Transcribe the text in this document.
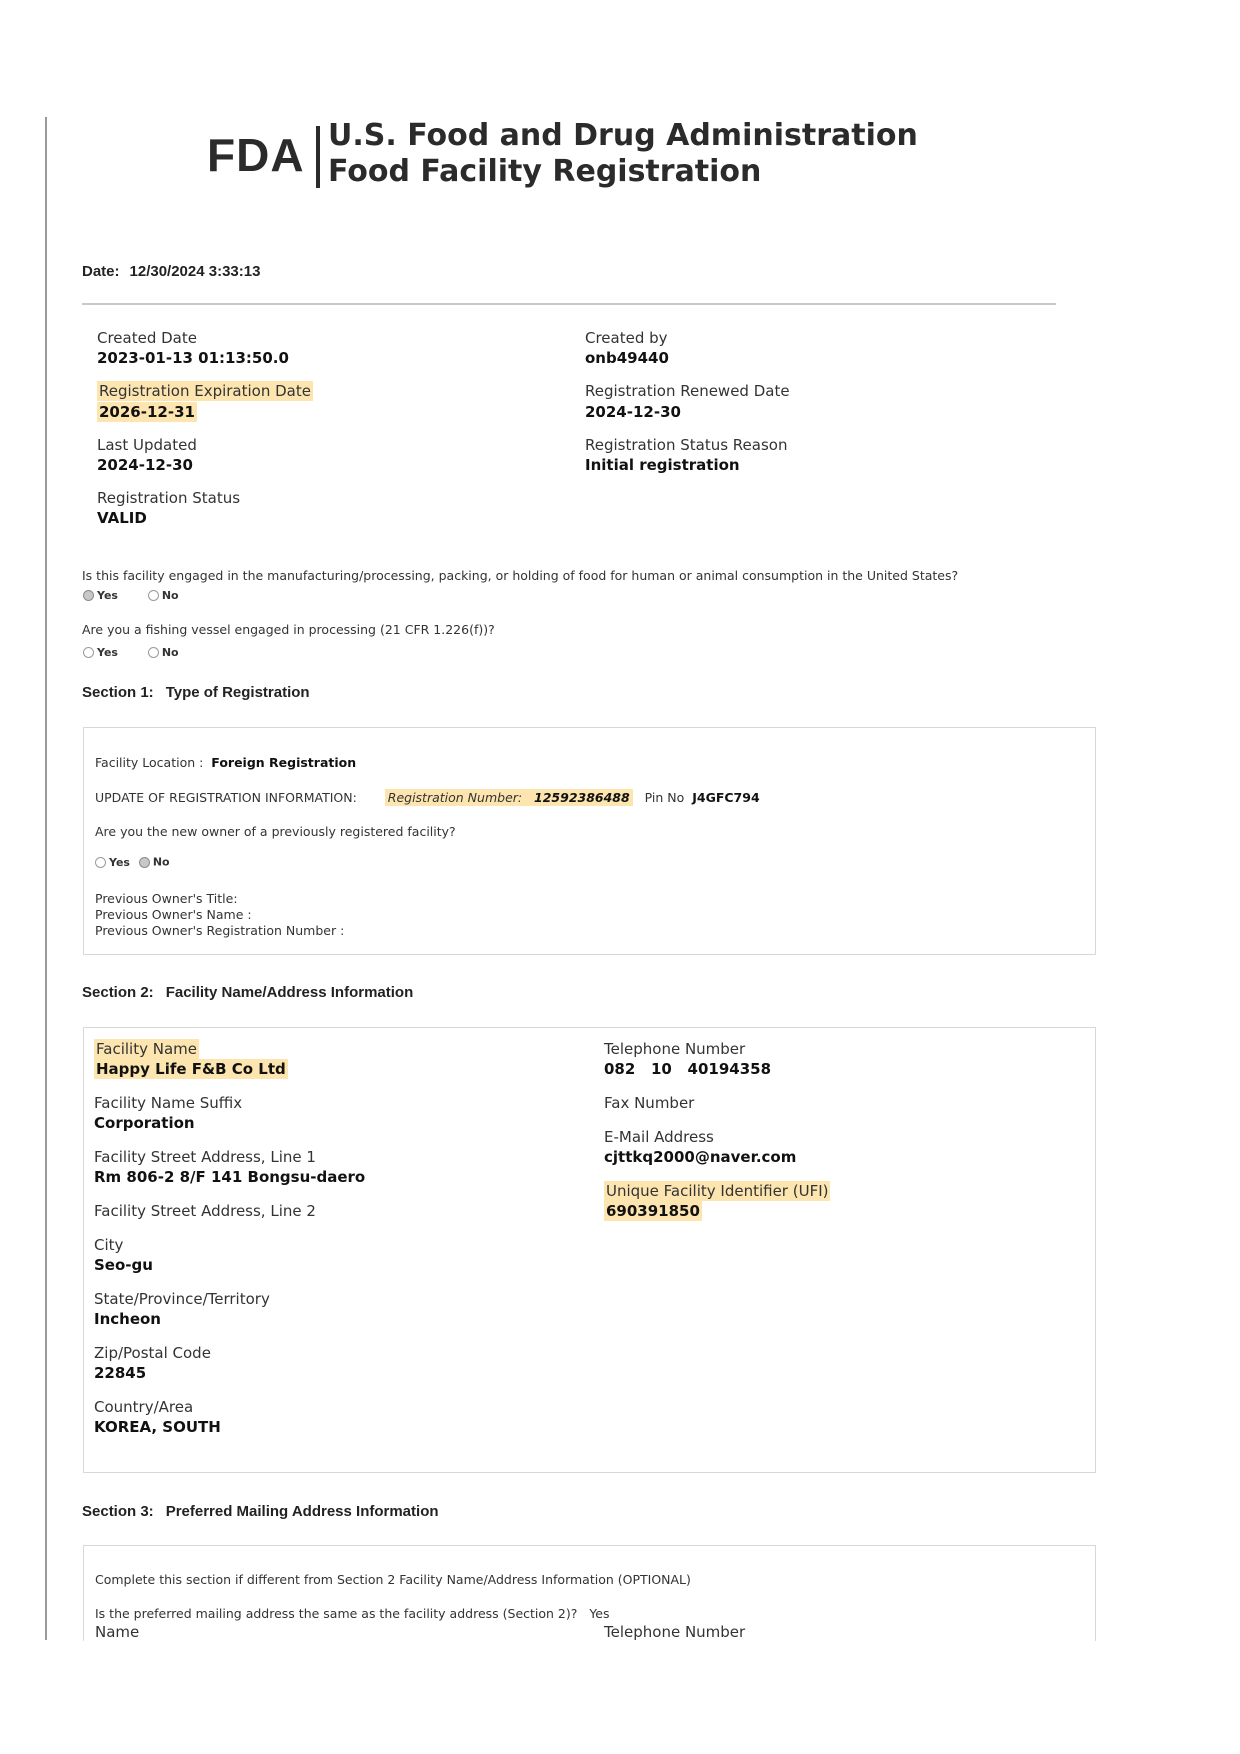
FDA U.S. Food and Drug Administration
Food Facility Registration
Date: 12/30/2024 3:33:13
Created Date
2023-01-13 01:13:50.0
Registration Expiration Date
2026-12-31
Last Updated
2024-12-30
Registration Status
VALID
Created by
onb49440
Registration Renewed Date
2024-12-30
Registration Status Reason
Initial registration
Is this facility engaged in the manufacturing/processing, packing, or holding of food for human or animal consumption in the United States?
Yes	No
Are you a fishing vessel engaged in processing (21 CFR 1.226(f))?
Yes	No
Section 1: Type of Registration
Facility Location : Foreign Registration
UPDATE OF REGISTRATION INFORMATION: Registration Number: 12592386488 Pin No J4GFC794
Are you the new owner of a previously registered facility?
Yes No
Previous Owner's Title:
Previous Owner's Name :
Previous Owner's Registration Number :
Section 2: Facility Name/Address Information
Facility Name
Happy Life F&B Co Ltd
Facility Name Suffix
Corporation
Facility Street Address, Line 1
Rm 806-2 8/F 141 Bongsu-daero
Facility Street Address, Line 2
City
Seo-gu
State/Province/Territory
Incheon
Zip/Postal Code
22845
Country/Area
KOREA, SOUTH
Telephone Number
082   10   40194358
Fax Number
E-Mail Address
cjttkq2000@naver.com
Unique Facility Identifier (UFI)
690391850
Section 3: Preferred Mailing Address Information
Complete this section if different from Section 2 Facility Name/Address Information (OPTIONAL)
Is the preferred mailing address the same as the facility address (Section 2)? Yes
Name	Telephone Number
